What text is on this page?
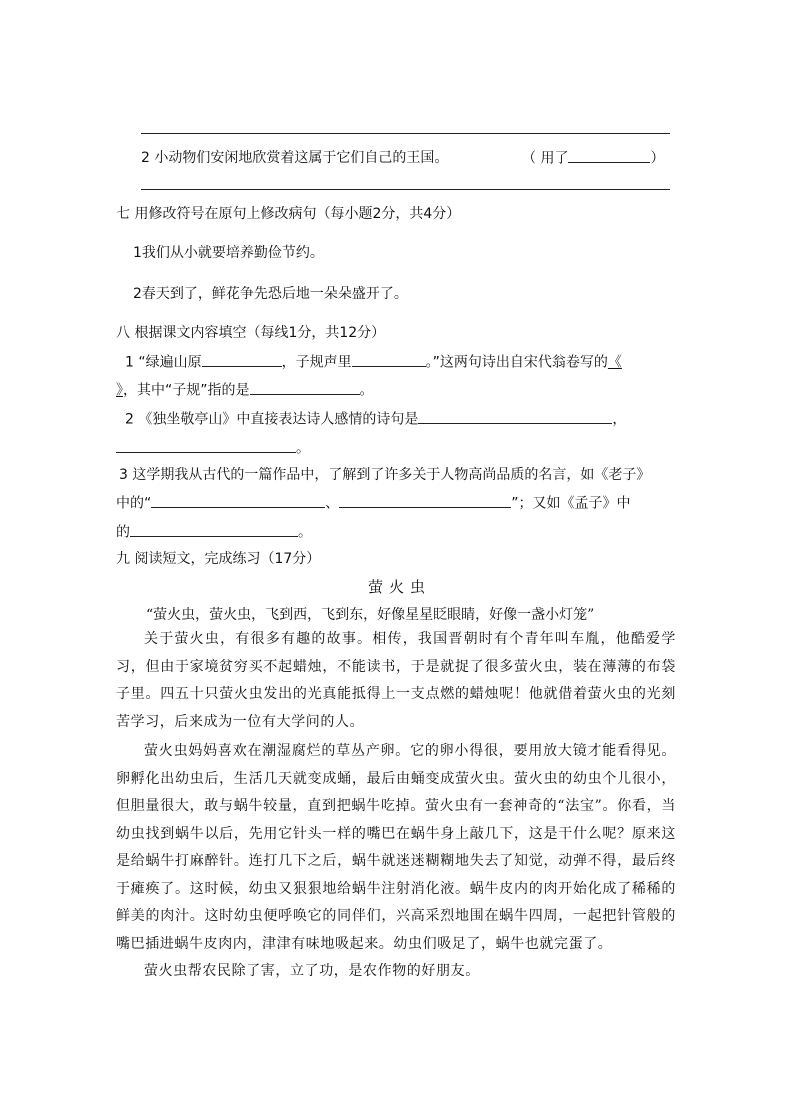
2 小动物们安闲地欣赏着这属于它们自己的王国。	（ 用了	）
七 用修改符号在原句上修改病句（每小题2分，共4分）
1我们从小就要培养勤俭节约。
2春天到了，鲜花争先恐后地一朵朵盛开了。
八 根据课文内容填空（每线1分，共12分）
1 “绿遍山原	，子规声里	。”这两句诗出自宋代翁卷写的《
》，其中“子规”指的是	。
2 《独坐敬亭山》中直接表达诗人感情的诗句是	，
。
3 这学期我从古代的一篇作品中，了解到了许多关于人物高尚品质的名言，如《老子》
中的“	、	”；又如《孟子》中
的	。
九 阅读短文，完成练习（17分）
萤火虫
“萤火虫，萤火虫，飞到西，飞到东，好像星星眨眼睛，好像一盏小灯笼”

关于萤火虫，有很多有趣的故事。相传，我国晋朝时有个青年叫车胤，他酷爱学习，但由于家境贫穷买不起蜡烛，不能读书，于是就捉了很多萤火虫，装在薄薄的布袋子里。四五十只萤火虫发出的光真能抵得上一支点燃的蜡烛呢！他就借着萤火虫的光刻苦学习，后来成为一位有大学问的人。

萤火虫妈妈喜欢在潮湿腐烂的草丛产卵。它的卵小得很，要用放大镜才能看得见。卵孵化出幼虫后，生活几天就变成蛹，最后由蛹变成萤火虫。萤火虫的幼虫个儿很小，但胆量很大，敢与蜗牛较量，直到把蜗牛吃掉。萤火虫有一套神奇的“法宝”。你看，当幼虫找到蜗牛以后，先用它针头一样的嘴巴在蜗牛身上敲几下，这是干什么呢？原来这是给蜗牛打麻醉针。连打几下之后，蜗牛就迷迷糊糊地失去了知觉，动弹不得，最后终于瘫痪了。这时候，幼虫又狠狠地给蜗牛注射消化液。蜗牛皮内的肉开始化成了稀稀的鲜美的肉汁。这时幼虫便呼唤它的同伴们，兴高采烈地围在蜗牛四周，一起把针管般的嘴巴插进蜗牛皮肉内，津津有味地吸起来。幼虫们吸足了，蜗牛也就完蛋了。

萤火虫帮农民除了害，立了功，是农作物的好朋友。
